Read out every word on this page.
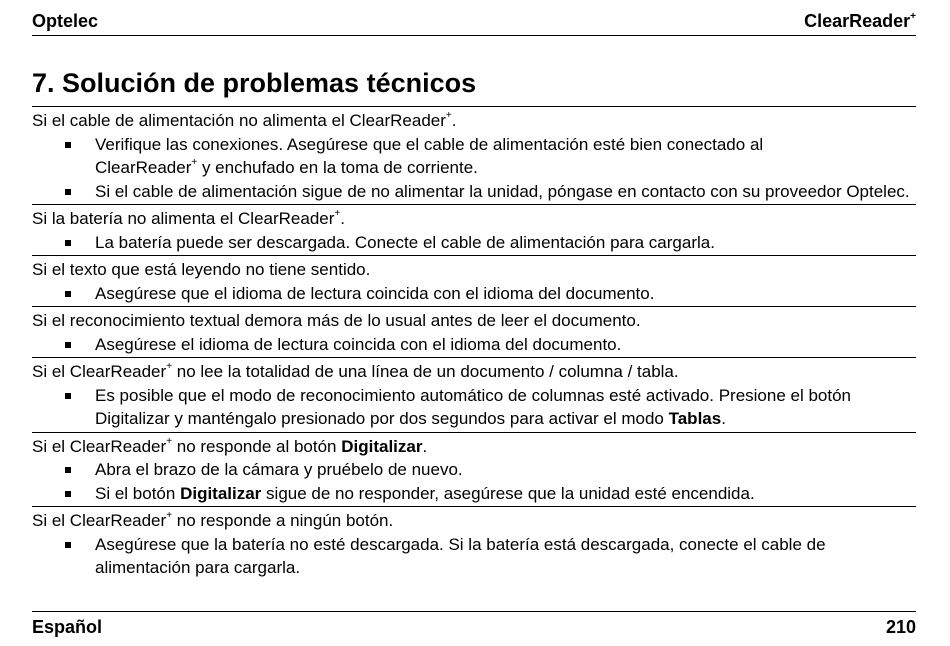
Optelec	ClearReader+
7. Solución de problemas técnicos

Si el cable de alimentación no alimenta el ClearReader+.

Verifique las conexiones. Asegúrese que el cable de alimentación esté bien conectado al
ClearReader+ y enchufado en la toma de corriente.
Si el cable de alimentación sigue de no alimentar la unidad, póngase en contacto con su proveedor Optelec.

Si la batería no alimenta el ClearReader+.

La batería puede ser descargada. Conecte el cable de alimentación para cargarla.

Si el texto que está leyendo no tiene sentido.

Asegúrese que el idioma de lectura coincida con el idioma del documento.

Si el reconocimiento textual demora más de lo usual antes de leer el documento.

Asegúrese el idioma de lectura coincida con el idioma del documento.

Si el ClearReader+ no lee la totalidad de una línea de un documento / columna / tabla.

Es posible que el modo de reconocimiento automático de columnas esté activado. Presione el botón Digitalizar y manténgalo presionado por dos segundos para activar el modo Tablas.

Si el ClearReader+ no responde al botón Digitalizar.

Abra el brazo de la cámara y pruébelo de nuevo.
Si el botón Digitalizar sigue de no responder, asegúrese que la unidad esté encendida.

Si el ClearReader+ no responde a ningún botón.

Asegúrese que la batería no esté descargada. Si la batería está descargada, conecte el cable de alimentación para cargarla.
Español	210
